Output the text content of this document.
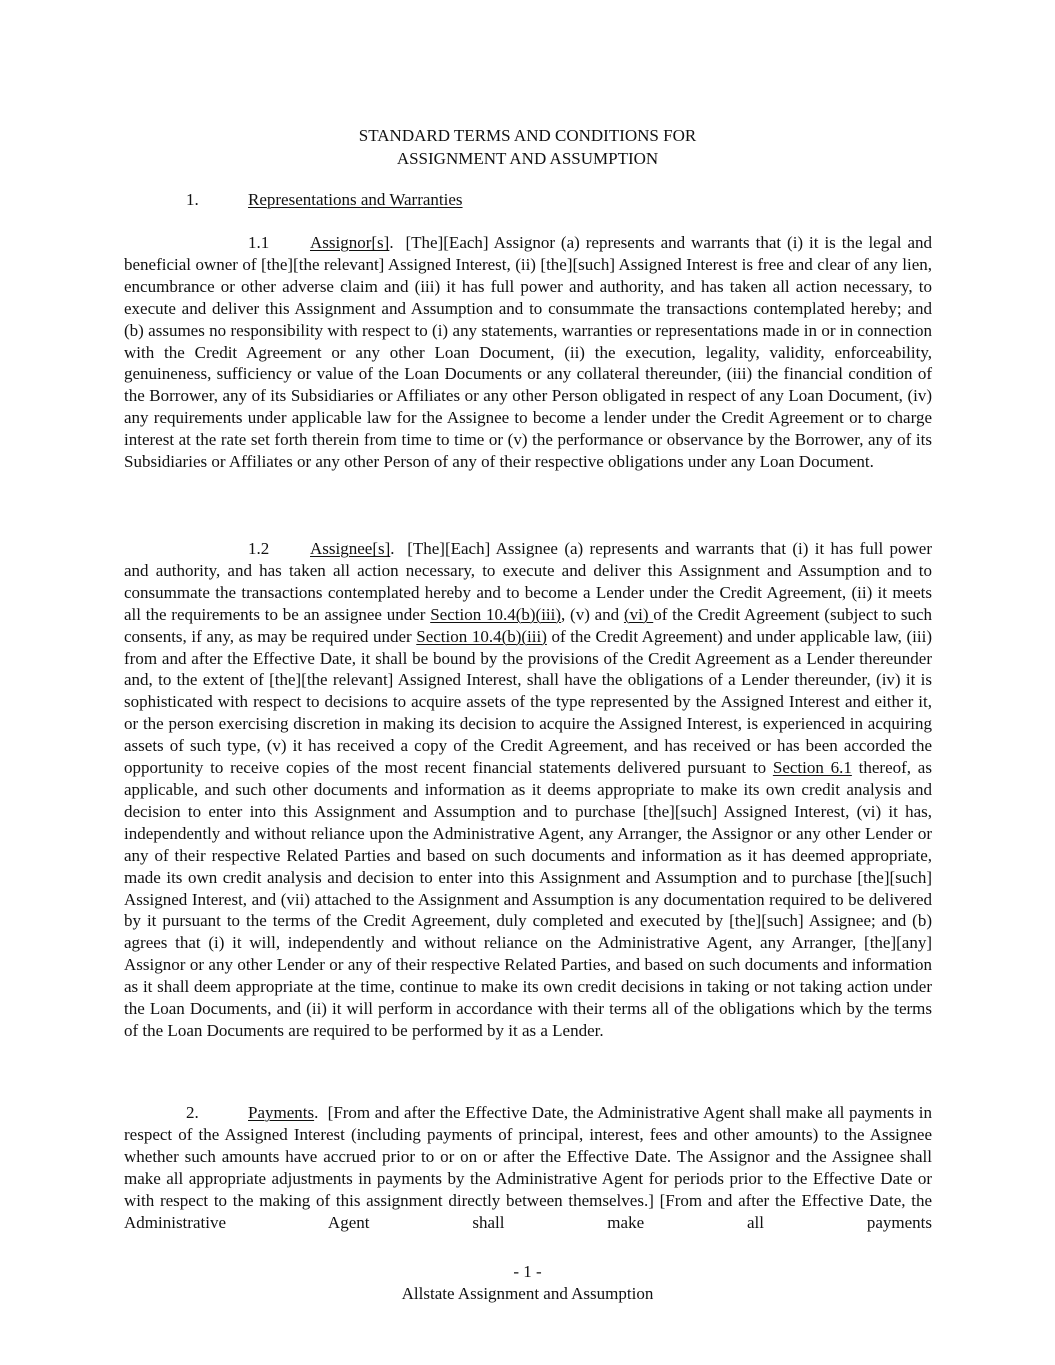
STANDARD TERMS AND CONDITIONS FOR
ASSIGNMENT AND ASSUMPTION
1.	Representations and Warranties

1.1 Assignor[s]. [The][Each] Assignor (a) represents and warrants that (i) it is the legal and beneficial owner of [the][the relevant] Assigned Interest, (ii) [the][such] Assigned Interest is free and clear of any lien, encumbrance or other adverse claim and (iii) it has full power and authority, and has taken all action necessary, to execute and deliver this Assignment and Assumption and to consummate the transactions contemplated hereby; and (b) assumes no responsibility with respect to (i) any statements, warranties or representations made in or in connection with the Credit Agreement or any other Loan Document, (ii) the execution, legality, validity, enforceability, genuineness, sufficiency or value of the Loan Documents or any collateral thereunder, (iii) the financial condition of the Borrower, any of its Subsidiaries or Affiliates or any other Person obligated in respect of any Loan Document, (iv) any requirements under applicable law for the Assignee to become a lender under the Credit Agreement or to charge interest at the rate set forth therein from time to time or (v) the performance or observance by the Borrower, any of its Subsidiaries or Affiliates or any other Person of any of their respective obligations under any Loan Document.

1.2 Assignee[s]. [The][Each] Assignee (a) represents and warrants that (i) it has full power and authority, and has taken all action necessary, to execute and deliver this Assignment and Assumption and to consummate the transactions contemplated hereby and to become a Lender under the Credit Agreement, (ii) it meets all the requirements to be an assignee under Section 10.4(b)(iii), (v) and (vi) of the Credit Agreement (subject to such consents, if any, as may be required under Section 10.4(b)(iii) of the Credit Agreement) and under applicable law, (iii) from and after the Effective Date, it shall be bound by the provisions of the Credit Agreement as a Lender thereunder and, to the extent of [the][the relevant] Assigned Interest, shall have the obligations of a Lender thereunder, (iv) it is sophisticated with respect to decisions to acquire assets of the type represented by the Assigned Interest and either it, or the person exercising discretion in making its decision to acquire the Assigned Interest, is experienced in acquiring assets of such type, (v) it has received a copy of the Credit Agreement, and has received or has been accorded the opportunity to receive copies of the most recent financial statements delivered pursuant to Section 6.1 thereof, as applicable, and such other documents and information as it deems appropriate to make its own credit analysis and decision to enter into this Assignment and Assumption and to purchase [the][such] Assigned Interest, (vi) it has, independently and without reliance upon the Administrative Agent, any Arranger, the Assignor or any other Lender or any of their respective Related Parties and based on such documents and information as it has deemed appropriate, made its own credit analysis and decision to enter into this Assignment and Assumption and to purchase [the][such] Assigned Interest, and (vii) attached to the Assignment and Assumption is any documentation required to be delivered by it pursuant to the terms of the Credit Agreement, duly completed and executed by [the][such] Assignee; and (b) agrees that (i) it will, independently and without reliance on the Administrative Agent, any Arranger, [the][any] Assignor or any other Lender or any of their respective Related Parties, and based on such documents and information as it shall deem appropriate at the time, continue to make its own credit decisions in taking or not taking action under the Loan Documents, and (ii) it will perform in accordance with their terms all of the obligations which by the terms of the Loan Documents are required to be performed by it as a Lender.

2.	Payments. [From and after the Effective Date, the Administrative Agent shall make all payments in respect of the Assigned Interest (including payments of principal, interest, fees and other amounts) to the Assignee whether such amounts have accrued prior to or on or after the Effective Date. The Assignor and the Assignee shall make all appropriate adjustments in payments by the Administrative Agent for periods prior to the Effective Date or with respect to the making of this assignment directly between themselves.] [From and after the Effective Date, the Administrative Agent shall make all payments

- 1 -
Allstate Assignment and Assumption
